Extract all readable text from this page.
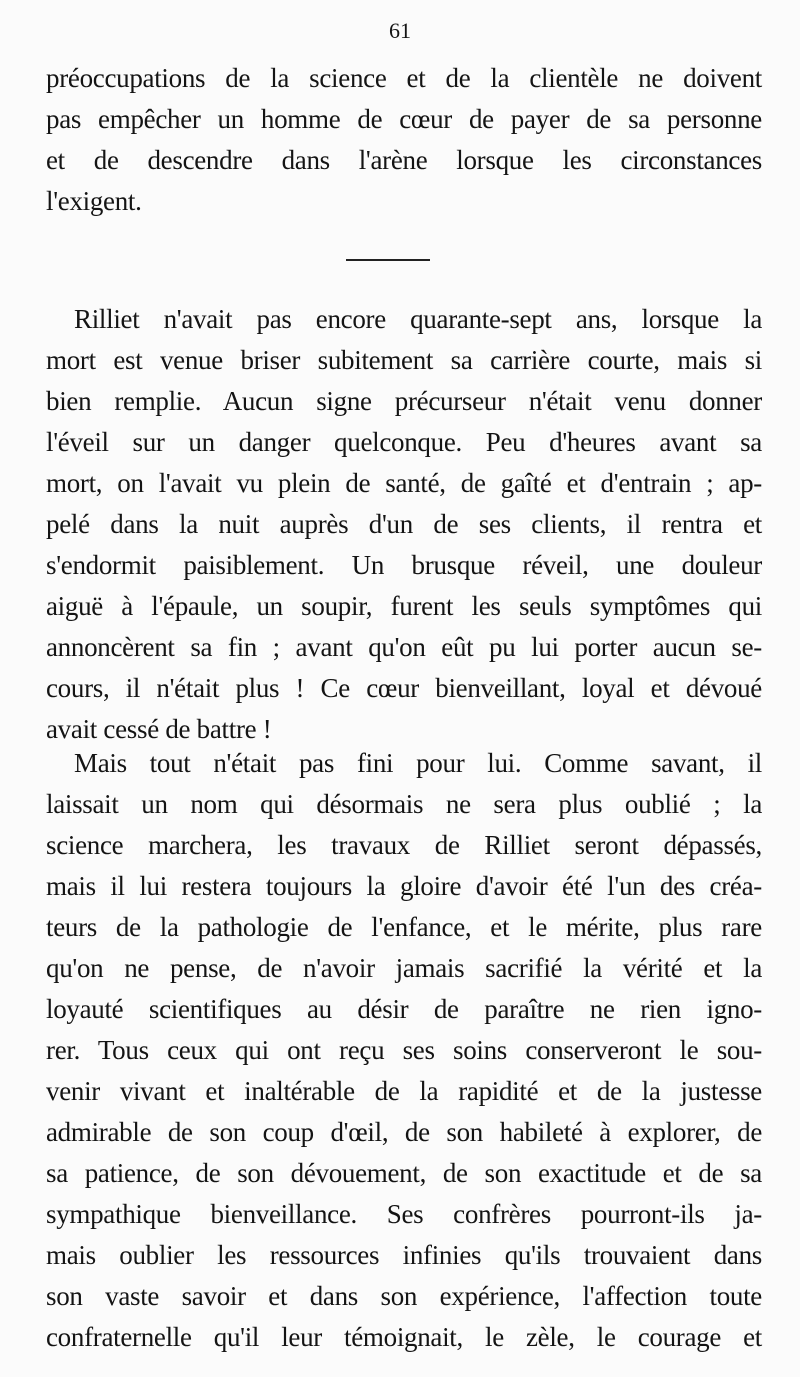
61
préoccupations de la science et de la clientèle ne doivent
pas empêcher un homme de cœur de payer de sa personne
et de descendre dans l'arène lorsque les circonstances
l'exigent.
Rilliet n'avait pas encore quarante-sept ans, lorsque la
mort est venue briser subitement sa carrière courte, mais si
bien remplie. Aucun signe précurseur n'était venu donner
l'éveil sur un danger quelconque. Peu d'heures avant sa
mort, on l'avait vu plein de santé, de gaîté et d'entrain ; ap-
pelé dans la nuit auprès d'un de ses clients, il rentra et
s'endormit paisiblement. Un brusque réveil, une douleur
aiguë à l'épaule, un soupir, furent les seuls symptômes qui
annoncèrent sa fin ; avant qu'on eût pu lui porter aucun se-
cours, il n'était plus ! Ce cœur bienveillant, loyal et dévoué
avait cessé de battre !
Mais tout n'était pas fini pour lui. Comme savant, il
laissait un nom qui désormais ne sera plus oublié ; la
science marchera, les travaux de Rilliet seront dépassés,
mais il lui restera toujours la gloire d'avoir été l'un des créa-
teurs de la pathologie de l'enfance, et le mérite, plus rare
qu'on ne pense, de n'avoir jamais sacrifié la vérité et la
loyauté scientifiques au désir de paraître ne rien igno-
rer. Tous ceux qui ont reçu ses soins conserveront le sou-
venir vivant et inaltérable de la rapidité et de la justesse
admirable de son coup d'œil, de son habileté à explorer, de
sa patience, de son dévouement, de son exactitude et de sa
sympathique bienveillance. Ses confrères pourront-ils ja-
mais oublier les ressources infinies qu'ils trouvaient dans
son vaste savoir et dans son expérience, l'affection toute
confraternelle qu'il leur témoignait, le zèle, le courage et
